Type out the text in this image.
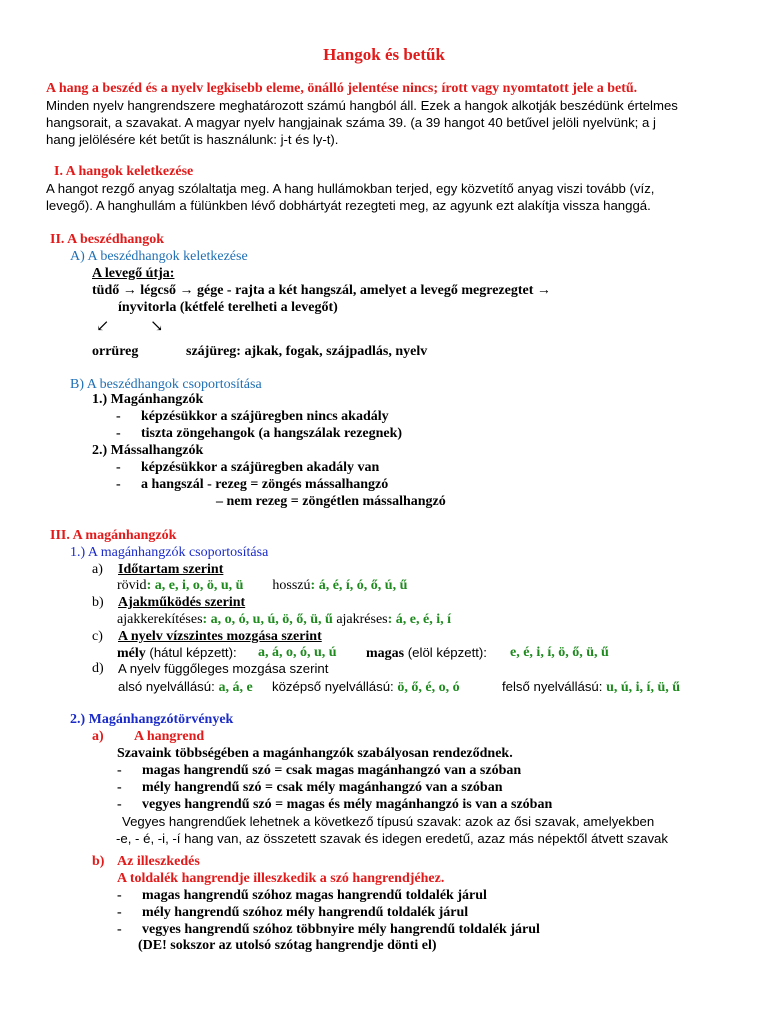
Hangok és betűk
A hang a beszéd és a nyelv legkisebb eleme, önálló jelentése nincs; írott vagy nyomtatott jele a betű.
Minden nyelv hangrendszere meghatározott számú hangból áll. Ezek a hangok alkotják beszédünk értelmes
hangsorait, a szavakat. A magyar nyelv hangjainak száma 39. (a 39 hangot 40 betűvel jelöli nyelvünk; a j
hang jelölésére két betűt is használunk: j-t és ly-t).
I. A hangok keletkezése
A hangot rezgő anyag szólaltatja meg. A hang hullámokban terjed, egy közvetítő anyag viszi tovább (víz,
levegő). A hanghullám a fülünkben lévő dobhártyát rezegteti meg, az agyunk ezt alakítja vissza hanggá.
II. A beszédhangok
A) A beszédhangok keletkezése
A levegő útja:
tüdő → légcső → gége - rajta a két hangszál, amelyet a levegő megrezegtet →
ínyvitorla (kétfelé terelheti a levegőt)
↙	↘
orrüreg	szájüreg: ajkak, fogak, szájpadlás, nyelv
B) A beszédhangok csoportosítása
1.) Magánhangzók
- képzésükkor a szájüregben nincs akadály
- tiszta zöngehangok (a hangszálak rezegnek)
2.) Mássalhangzók
- képzésükkor a szájüregben akadály van
- a hangszál - rezeg = zöngés mássalhangzó
– nem rezeg = zöngétlen mássalhangzó
III. A magánhangzók
1.) A magánhangzók csoportosítása
a) Időtartam szerint
rövid: a, e, i, o, ö, u, ü hosszú: á, é, í, ó, ő, ú, ű
b) Ajakműködés szerint
ajakkerekítéses: a, o, ó, u, ú, ö, ő, ü, ű ajakréses: á, e, é, i, í
c) A nyelv vízszintes mozgása szerint
mély (hátul képzett): a, á, o, ó, u, ú magas (elöl képzett): e, é, i, í, ö, ő, ü, ű
d) A nyelv függőleges mozgása szerint
alsó nyelvállású: a, á, e középső nyelvállású: ö, ő, é, o, ó	felső nyelvállású: u, ú, i, í, ü, ű
2.) Magánhangzótörvények
a) A hangrend
Szavaink többségében a magánhangzók szabályosan rendeződnek.
- magas hangrendű szó = csak magas magánhangzó van a szóban
- mély hangrendű szó = csak mély magánhangzó van a szóban
- vegyes hangrendű szó = magas és mély magánhangzó is van a szóban
Vegyes hangrendűek lehetnek a következő típusú szavak: azok az ősi szavak, amelyekben
-e, - é, -i, -í hang van, az összetett szavak és idegen eredetű, azaz más népektől átvett szavak
b) Az illeszkedés
A toldalék hangrendje illeszkedik a szó hangrendjéhez.
- magas hangrendű szóhoz magas hangrendű toldalék járul
- mély hangrendű szóhoz mély hangrendű toldalék járul
- vegyes hangrendű szóhoz többnyire mély hangrendű toldalék járul
(DE! sokszor az utolsó szótag hangrendje dönti el)
